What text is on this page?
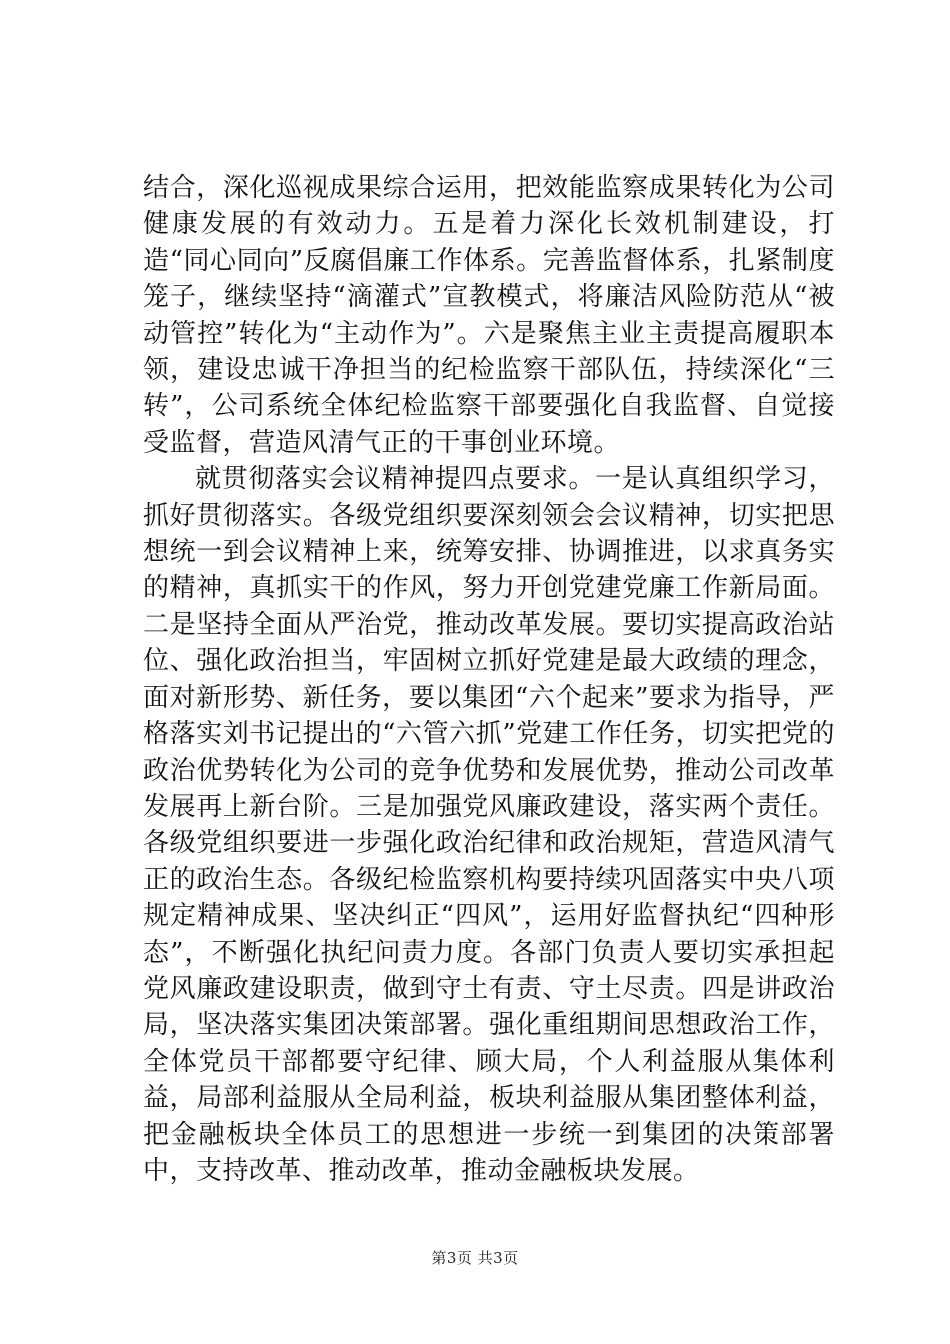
结合，深化巡视成果综合运用，把效能监察成果转化为公司健康发展的有效动力。五是着力深化长效机制建设，打造“同心同向”反腐倡廉工作体系。完善监督体系，扎紧制度笼子，继续坚持“滴灌式”宣教模式，将廉洁风险防范从“被动管控”转化为“主动作为”。六是聚焦主业主责提高履职本领，建设忠诚干净担当的纪检监察干部队伍，持续深化“三转”，公司系统全体纪检监察干部要强化自我监督、自觉接受监督，营造风清气正的干事创业环境。

就贯彻落实会议精神提四点要求。一是认真组织学习，抓好贯彻落实。各级党组织要深刻领会会议精神，切实把思想统一到会议精神上来，统筹安排、协调推进，以求真务实的精神，真抓实干的作风，努力开创党建党廉工作新局面。二是坚持全面从严治党，推动改革发展。要切实提高政治站位、强化政治担当，牢固树立抓好党建是最大政绩的理念，面对新形势、新任务，要以集团“六个起来”要求为指导，严格落实刘书记提出的“六管六抓”党建工作任务，切实把党的政治优势转化为公司的竞争优势和发展优势，推动公司改革发展再上新台阶。三是加强党风廉政建设，落实两个责任。各级党组织要进一步强化政治纪律和政治规矩，营造风清气正的政治生态。各级纪检监察机构要持续巩固落实中央八项规定精神成果、坚决纠正“四风”，运用好监督执纪“四种形态”，不断强化执纪问责力度。各部门负责人要切实承担起党风廉政建设职责，做到守土有责、守土尽责。四是讲政治局，坚决落实集团决策部署。强化重组期间思想政治工作，全体党员干部都要守纪律、顾大局，个人利益服从集体利益，局部利益服从全局利益，板块利益服从集团整体利益，把金融板块全体员工的思想进一步统一到集团的决策部署中，支持改革、推动改革，推动金融板块发展。

第3页 共3页
